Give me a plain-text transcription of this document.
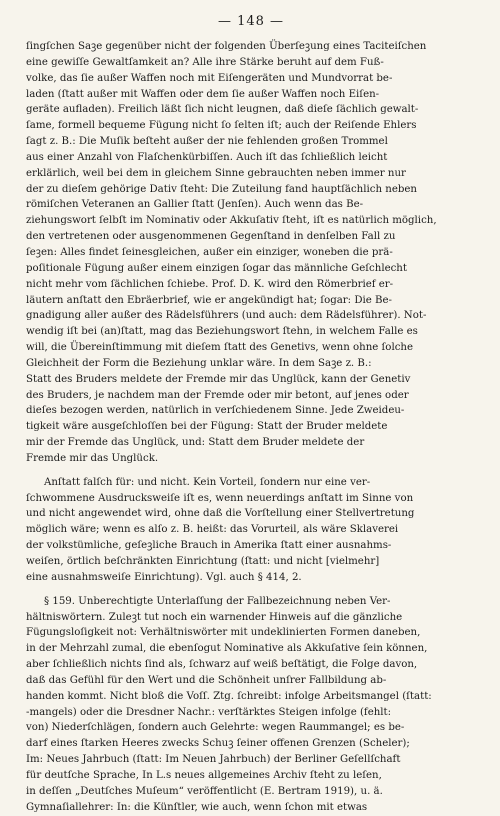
— 148 —

ſingſchen Saꝫe gegenüber nicht der folgenden Überſeꝫung eines Taciteiſchen
eine gewiſſe Gewaltſamkeit an? Alle ihre Stärke beruht auf dem Fuß-
volke, das ſie außer Waffen noch mit Eiſengeräten und Mundvorrat be-
laden (ſtatt außer mit Waffen oder dem ſie außer Waffen noch Eiſen-
geräte aufladen). Freilich läßt ſich nicht leugnen, daß dieſe ſächlich gewalt-
ſame, formell bequeme Fügung nicht ſo ſelten iſt; auch der Reiſende Ehlers
ſagt z. B.: Die Muſik beſteht außer der nie fehlenden großen Trommel
aus einer Anzahl von Flaſchenkürbiſſen. Auch iſt das ſchließlich leicht
erklärlich, weil bei dem in gleichem Sinne gebrauchten neben immer nur
der zu dieſem gehörige Dativ ſteht: Die Zuteilung fand hauptſächlich neben
römiſchen Veteranen an Gallier ſtatt (Jenſen). Auch wenn das Be-
ziehungswort ſelbſt im Nominativ oder Akkuſativ ſteht, iſt es natürlich möglich,
den vertretenen oder ausgenommenen Gegenſtand in denſelben Fall zu
ſeꝫen: Alles findet ſeinesgleichen, außer ein einziger, woneben die prä-
poſitionale Fügung außer einem einzigen ſogar das männliche Geſchlecht
nicht mehr vom ſächlichen ſchiebe. Prof. D. K. wird den Römerbrief er-
läutern anſtatt den Ebräerbrief, wie er angekündigt hat; ſogar: Die Be-
gnadigung aller außer des Rädelsführers (und auch: dem Rädelsführer). Not-
wendig iſt bei (an)ſtatt, mag das Beziehungswort ſtehn, in welchem Falle es
will, die Übereinſtimmung mit dieſem ſtatt des Genetivs, wenn ohne ſolche
Gleichheit der Form die Beziehung unklar wäre. In dem Saꝫe z. B.:
Statt des Bruders meldete der Fremde mir das Unglück, kann der Genetiv
des Bruders, je nachdem man der Fremde oder mir betont, auf jenes oder
dieſes bezogen werden, natürlich in verſchiedenem Sinne. Jede Zweideu-
tigkeit wäre ausgeſchloſſen bei der Fügung: Statt der Bruder meldete
mir der Fremde das Unglück, und: Statt dem Bruder meldete der
Fremde mir das Unglück.

Anſtatt falſch für: und nicht. Kein Vorteil, ſondern nur eine ver-
ſchwommene Ausdrucksweiſe iſt es, wenn neuerdings anſtatt im Sinne von
und nicht angewendet wird, ohne daß die Vorſtellung einer Stellvertretung
möglich wäre; wenn es alſo z. B. heißt: das Vorurteil, als wäre Sklaverei
der volkstümliche, geſeꝫliche Brauch in Amerika ſtatt einer ausnahms-
weiſen, örtlich beſchränkten Einrichtung (ſtatt: und nicht [vielmehr]
eine ausnahmsweiſe Einrichtung). Vgl. auch § 414, 2.

§ 159. Unberechtigte Unterlaſſung der Fallbezeichnung neben Ver-
hältniswörtern. Zuleꝫt tut noch ein warnender Hinweis auf die gänzliche
Fügungsloſigkeit not: Verhältniswörter mit undeklinierten Formen daneben,
in der Mehrzahl zumal, die ebenſogut Nominative als Akkuſative ſein können,
aber ſchließlich nichts ſind als, ſchwarz auf weiß beſtätigt, die Folge davon,
daß das Gefühl für den Wert und die Schönheit unſrer Fallbildung ab-
handen kommt. Nicht bloß die Voſſ. Ztg. ſchreibt: infolge Arbeitsmangel (ſtatt:
-mangels) oder die Dresdner Nachr.: verſtärktes Steigen infolge (fehlt:
von) Niederſchlägen, ſondern auch Gelehrte: wegen Raummangel; es be-
darf eines ſtarken Heeres zwecks Schuꝫ ſeiner offenen Grenzen (Scheler);
Im: Neues Jahrbuch (ſtatt: Im Neuen Jahrbuch) der Berliner Geſellſchaft
für deutſche Sprache, In L.s neues allgemeines Archiv ſteht zu leſen,
in deſſen „Deutſches Muſeum“ veröffentlicht (E. Bertram 1919), u. ä.
Gymnaſiallehrer: In: die Künſtler, wie auch, wenn ſchon mit etwas
